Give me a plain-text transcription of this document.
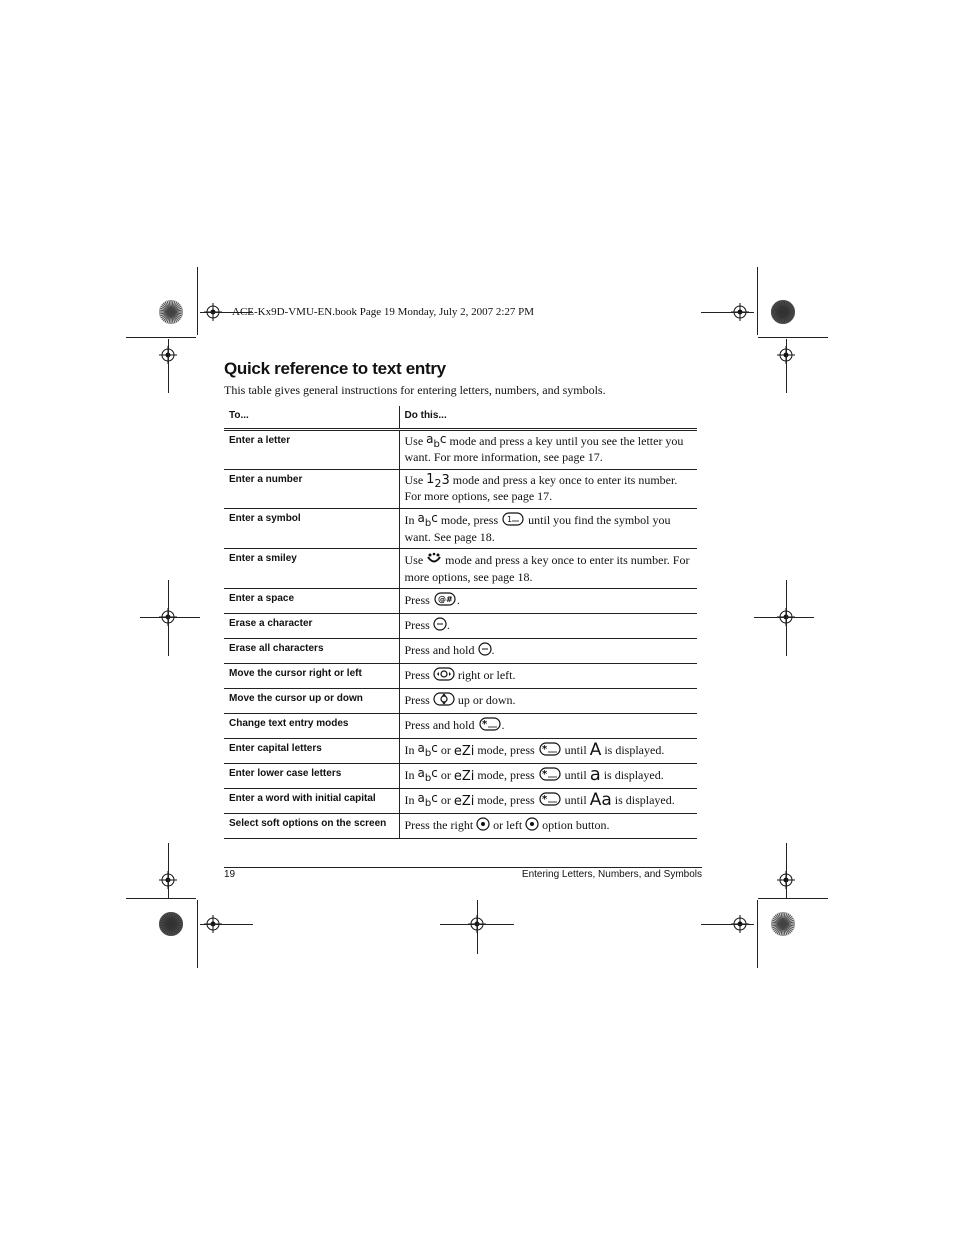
ACE-Kx9D-VMU-EN.book Page 19 Monday, July 2, 2007 2:27 PM
Quick reference to text entry
This table gives general instructions for entering letters, numbers, and symbols.
To...	Do this...
Enter a letter	Use abc mode and press a key until you see the letter you want. For more information, see page 17.
Enter a number	Use 123 mode and press a key once to enter its number. For more options, see page 17.
Enter a symbol	In abc mode, press 1 until you find the symbol you want. See page 18.
Enter a smiley	Use  mode and press a key once to enter its number. For more options, see page 18.
Enter a space	Press @# .
Erase a character	Press .
Erase all characters	Press and hold .
Move the cursor right or left	Press  right or left.
Move the cursor up or down	Press  up or down.
Change text entry modes	Press and hold * .
Enter capital letters	In abc or eZi mode, press * until A is displayed.
Enter lower case letters	In abc or eZi mode, press * until a is displayed.
Enter a word with initial capital	In abc or eZi mode, press * until Aa is displayed.
Select soft options on the screen	Press the right  or left  option button.
19	Entering Letters, Numbers, and Symbols
